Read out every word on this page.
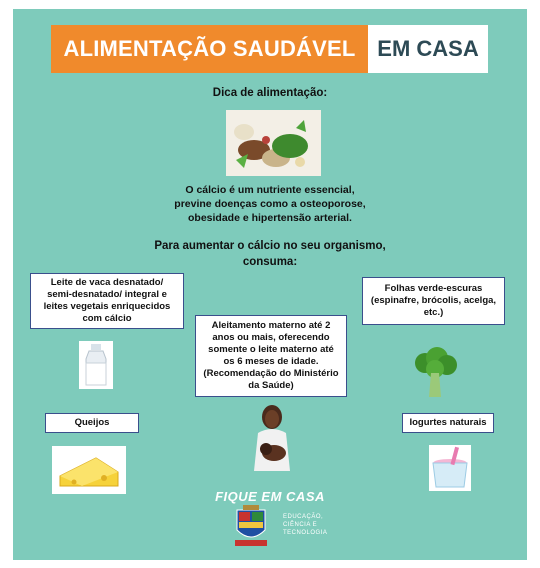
ALIMENTAÇÃO SAUDÁVEL EM CASA
Dica de alimentação:
O cálcio é um nutriente essencial,
previne doenças como a osteoporose,
obesidade e hipertensão arterial.
Para aumentar o cálcio no seu organismo,
consuma:
Leite de vaca desnatado/
semi-desnatado/ integral e
leites vegetais enriquecidos
com cálcio
Folhas verde-escuras
(espinafre, brócolis, acelga,
etc.)
Aleitamento materno até 2
anos ou mais, oferecendo
somente o leite materno até
os 6 meses de idade.
(Recomendação do Ministério
da Saúde)
Queijos	Iogurtes naturais
FIQUE EM CASA
EDUCAÇÃO,
CIÊNCIA E
TECNOLOGIA
